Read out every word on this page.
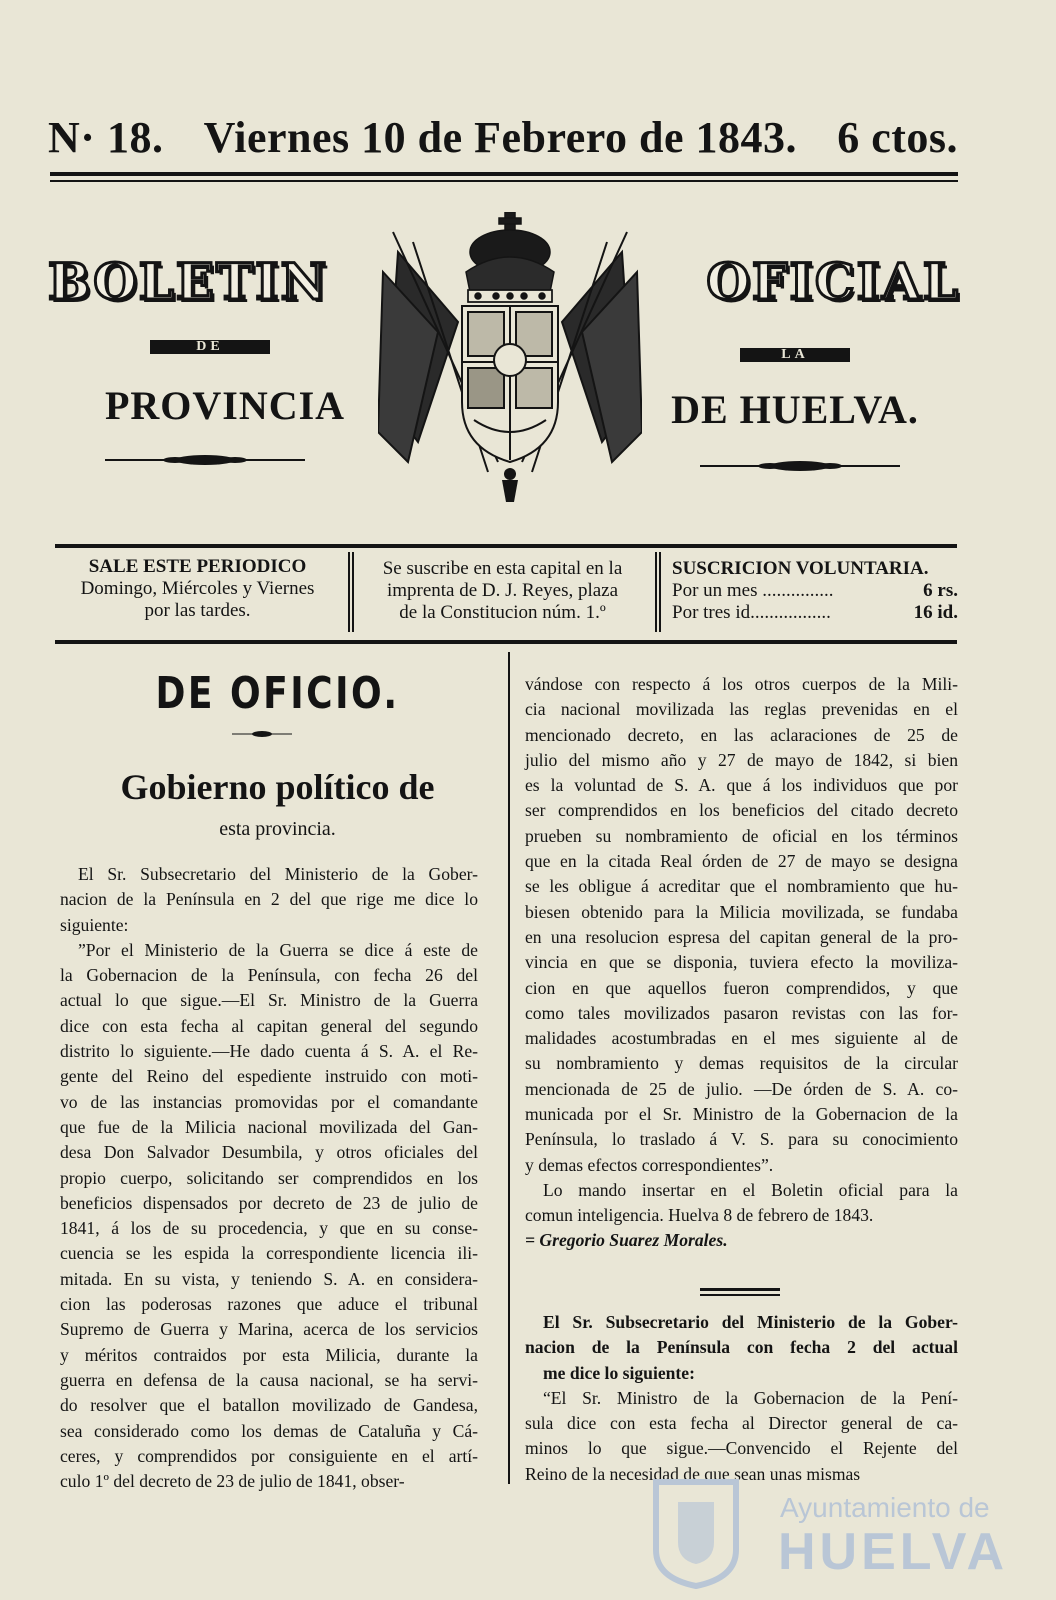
N· 18. Viernes 10 de Febrero de 1843. 6 ctos.
BOLETIN	OFICIAL
DE
LA
PROVINCIA	DE HUELVA.
SALE ESTE PERIODICO
Domingo, Miércoles y Viernes
por las tardes.
Se suscribe en esta capital en la
imprenta de D. J. Reyes, plaza
de la Constitucion núm. 1.º
SUSCRICION VOLUNTARIA.
Por un mes ...............	6 rs.
Por tres id.................	16 id.
DE OFICIO.
Gobierno político de
esta provincia.
El Sr. Subsecretario del Ministerio de la Gober-
nacion de la Península en 2 del que rige me dice lo
siguiente:
”Por el Ministerio de la Guerra se dice á este de
la Gobernacion de la Península, con fecha 26 del
actual lo que sigue.—El Sr. Ministro de la Guerra
dice con esta fecha al capitan general del segundo
distrito lo siguiente.—He dado cuenta á S. A. el Re-
gente del Reino del espediente instruido con moti-
vo de las instancias promovidas por el comandante
que fue de la Milicia nacional movilizada del Gan-
desa Don Salvador Desumbila, y otros oficiales del
propio cuerpo, solicitando ser comprendidos en los
beneficios dispensados por decreto de 23 de julio de
1841, á los de su procedencia, y que en su conse-
cuencia se les espida la correspondiente licencia ili-
mitada. En su vista, y teniendo S. A. en considera-
cion las poderosas razones que aduce el tribunal
Supremo de Guerra y Marina, acerca de los servicios
y méritos contraidos por esta Milicia, durante la
guerra en defensa de la causa nacional, se ha servi-
do resolver que el batallon movilizado de Gandesa,
sea considerado como los demas de Cataluña y Cá-
ceres, y comprendidos por consiguiente en el artí-
culo 1º del decreto de 23 de julio de 1841, obser-
vándose con respecto á los otros cuerpos de la Mili-
cia nacional movilizada las reglas prevenidas en el
mencionado decreto, en las aclaraciones de 25 de
julio del mismo año y 27 de mayo de 1842, si bien
es la voluntad de S. A. que á los individuos que por
ser comprendidos en los beneficios del citado decreto
prueben su nombramiento de oficial en los términos
que en la citada Real órden de 27 de mayo se designa
se les obligue á acreditar que el nombramiento que hu-
biesen obtenido para la Milicia movilizada, se fundaba
en una resolucion espresa del capitan general de la pro-
vincia en que se disponia, tuviera efecto la moviliza-
cion en que aquellos fueron comprendidos, y que
como tales movilizados pasaron revistas con las for-
malidades acostumbradas en el mes siguiente al de
su nombramiento y demas requisitos de la circular
mencionada de 25 de julio. —De órden de S. A. co-
municada por el Sr. Ministro de la Gobernacion de la
Península, lo traslado á V. S. para su conocimiento
y demas efectos correspondientes”.
Lo mando insertar en el Boletin oficial para la
comun inteligencia. Huelva 8 de febrero de 1843.
= Gregorio Suarez Morales.
El Sr. Subsecretario del Ministerio de la Gober-
nacion de la Península con fecha 2 del actual
me dice lo siguiente:
“El Sr. Ministro de la Gobernacion de la Pení-
sula dice con esta fecha al Director general de ca-
minos lo que sigue.—Convencido el Rejente del
Reino de la necesidad de que sean unas mismas
Ayuntamiento de
HUELVA
